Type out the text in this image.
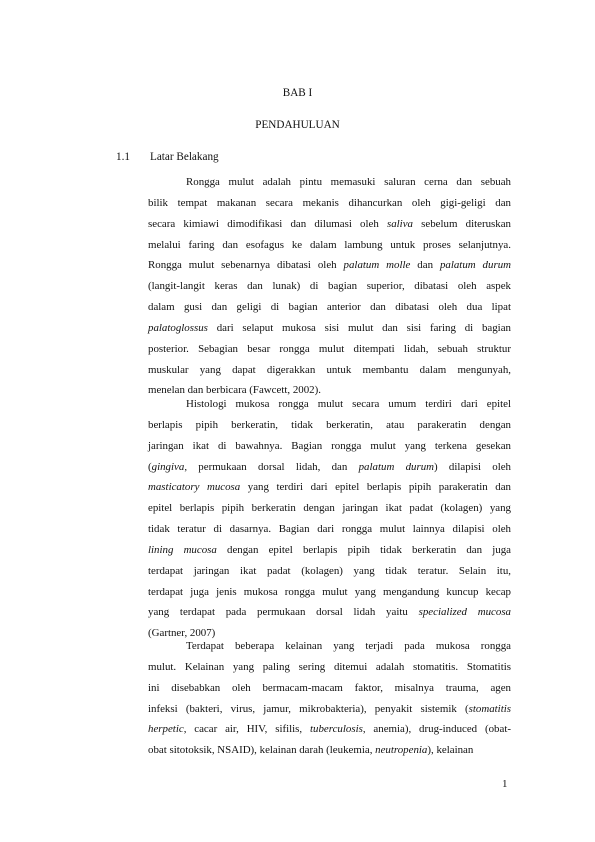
BAB I
PENDAHULUAN
1.1 Latar Belakang
Rongga mulut adalah pintu memasuki saluran cerna dan sebuah
bilik tempat makanan secara mekanis dihancurkan oleh gigi-geligi dan
secara kimiawi dimodifikasi dan dilumasi oleh saliva sebelum diteruskan
melalui faring dan esofagus ke dalam lambung untuk proses selanjutnya.
Rongga mulut sebenarnya dibatasi oleh palatum molle dan palatum durum
(langit-langit keras dan lunak) di bagian superior, dibatasi oleh aspek
dalam gusi dan geligi di bagian anterior dan dibatasi oleh dua lipat
palatoglossus dari selaput mukosa sisi mulut dan sisi faring di bagian
posterior. Sebagian besar rongga mulut ditempati lidah, sebuah struktur
muskular yang dapat digerakkan untuk membantu dalam mengunyah,
menelan dan berbicara (Fawcett, 2002).
Histologi mukosa rongga mulut secara umum terdiri dari epitel
berlapis pipih berkeratin, tidak berkeratin, atau parakeratin dengan
jaringan ikat di bawahnya. Bagian rongga mulut yang terkena gesekan
(gingiva, permukaan dorsal lidah, dan palatum durum) dilapisi oleh
masticatory mucosa yang terdiri dari epitel berlapis pipih parakeratin dan
epitel berlapis pipih berkeratin dengan jaringan ikat padat (kolagen) yang
tidak teratur di dasarnya. Bagian dari rongga mulut lainnya dilapisi oleh
lining mucosa dengan epitel berlapis pipih tidak berkeratin dan juga
terdapat jaringan ikat padat (kolagen) yang tidak teratur. Selain itu,
terdapat juga jenis mukosa rongga mulut yang mengandung kuncup kecap
yang terdapat pada permukaan dorsal lidah yaitu specialized mucosa
(Gartner, 2007)
Terdapat beberapa kelainan yang terjadi pada mukosa rongga
mulut. Kelainan yang paling sering ditemui adalah stomatitis. Stomatitis
ini disebabkan oleh bermacam-macam faktor, misalnya trauma, agen
infeksi (bakteri, virus, jamur, mikrobakteria), penyakit sistemik (stomatitis
herpetic, cacar air, HIV, sifilis, tuberculosis, anemia), drug-induced (obat-
obat sitotoksik, NSAID), kelainan darah (leukemia, neutropenia), kelainan
1
